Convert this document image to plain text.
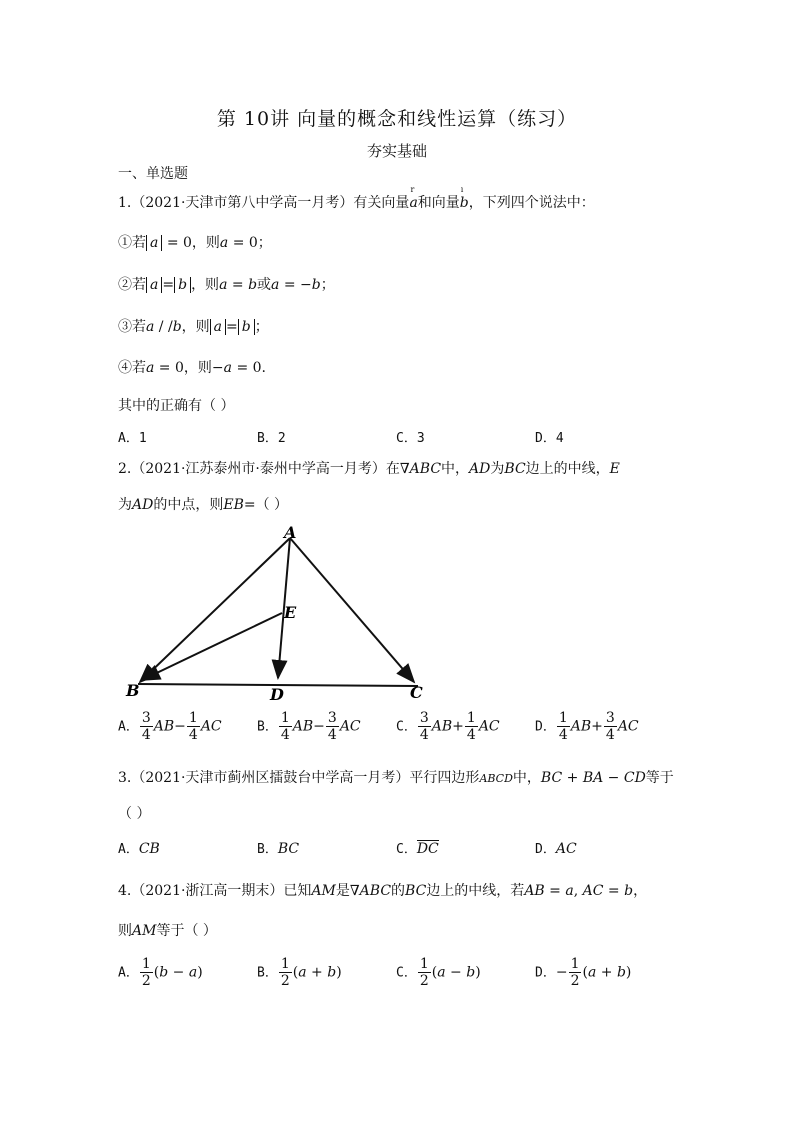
第 10讲 向量的概念和线性运算（练习）
夯实基础
一、单选题
1.（2021·天津市第八中学高一月考）有关向量a
r
和向量b
ı
，下列四个说法中：
①若 a = 0，则a = 0；
②若 a = b ，则a = b或a = −b；
③若a / /b，则 a = b ；
④若a = 0，则−a = 0.
其中的正确有（ ）
A．1	B．2	C．3	D．4
2.（2021·江苏泰州市·泰州中学高一月考）在∇ABC中，AD为BC边上的中线，E
为AD的中点，则EB=（ ）
A
E
B	D	C
A． $\frac{3}{4} AB- \frac{1}{4}$ AC	B． $\frac{1}{4} AB- \frac{3}{4}$ AC	C． $\frac{3}{4} AB+ \frac{1}{4}$ AC	D． $\frac{1}{4} AB+ \frac{3}{4}$ AC
3.（2021·天津市蓟州区擂鼓台中学高一月考）平行四边形ABCD中，BC + BA − CD等于
（ ）
A．CB	B．BC	C．DC	D．AC
4.（2021·浙江高一期末）已知AM是∇ABC的BC边上的中线，若AB = a, AC = b，
则AM等于（ ）
A． $\frac{1}{2} (b - a)$	B． $\frac{1}{2} (a + b)$	C． $\frac{1}{2} (a - b)$	D．− $\frac{1}{2} (a + b)$
